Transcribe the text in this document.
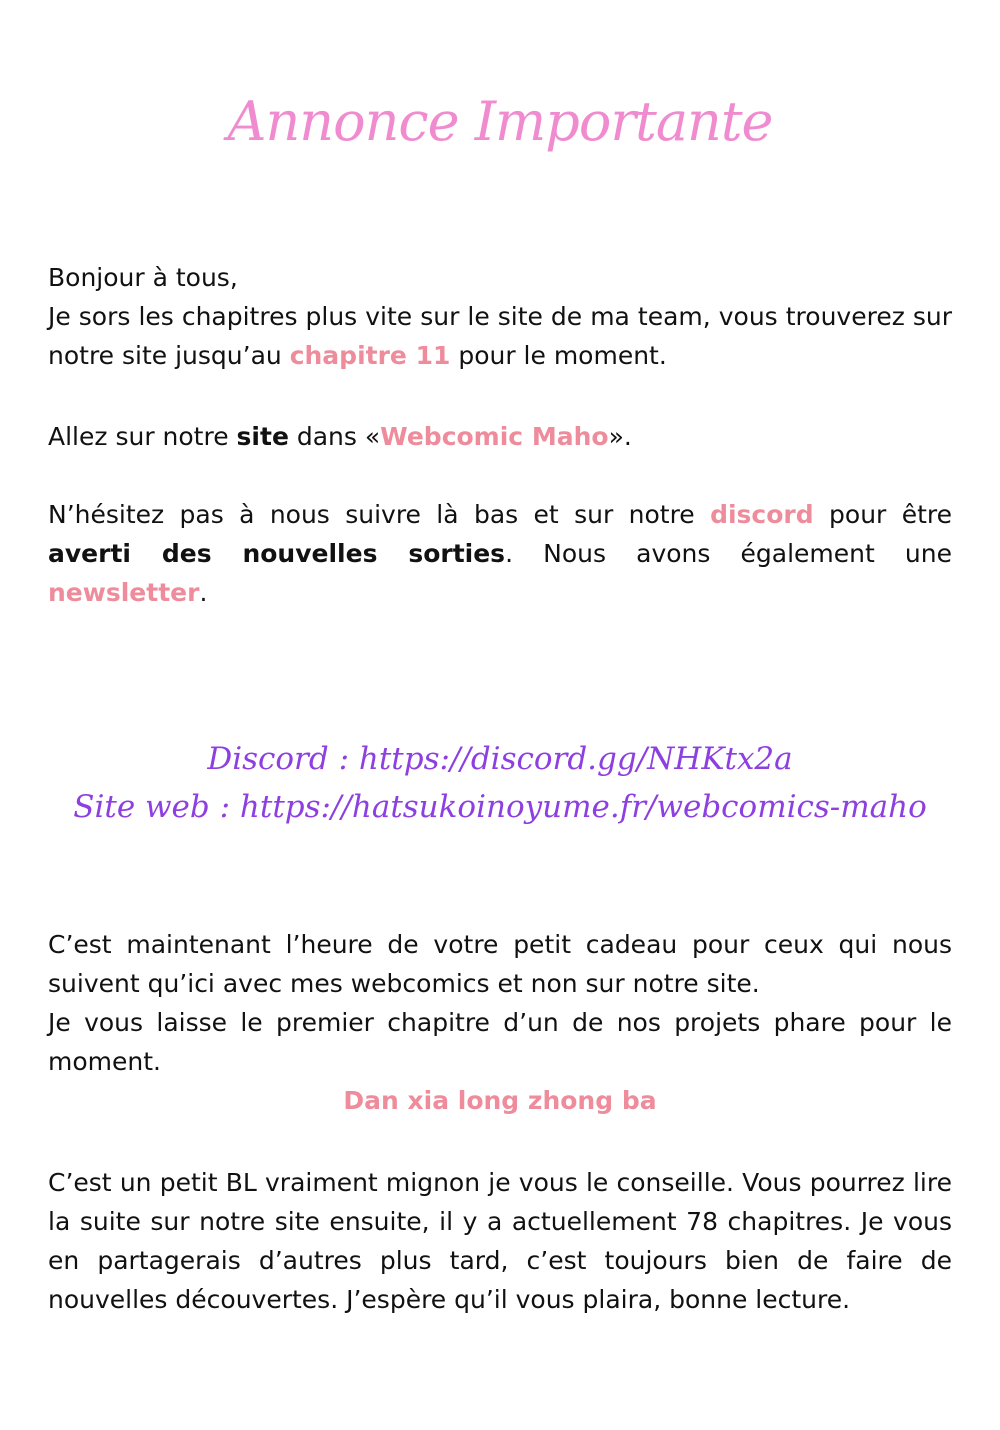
Annonce Importante
Bonjour à tous,
Je sors les chapitres plus vite sur le site de ma team, vous trouverez sur notre site jusqu’au chapitre 11 pour le moment.
Allez sur notre site dans «Webcomic Maho».
N’hésitez pas à nous suivre là bas et sur notre discord pour être averti des nouvelles sorties. Nous avons également une newsletter.
Discord : https://discord.gg/NHKtx2a
Site web : https://hatsukoinoyume.fr/webcomics-maho
C’est maintenant l’heure de votre petit cadeau pour ceux qui nous suivent qu’ici avec mes webcomics et non sur notre site.
Je vous laisse le premier chapitre d’un de nos projets phare pour le moment.
Dan xia long zhong ba
C’est un petit BL vraiment mignon je vous le conseille. Vous pourrez lire la suite sur notre site ensuite, il y a actuellement 78 chapitres. Je vous en partagerais d’autres plus tard, c’est toujours bien de faire de nouvelles découvertes. J’espère qu’il vous plaira, bonne lecture.
